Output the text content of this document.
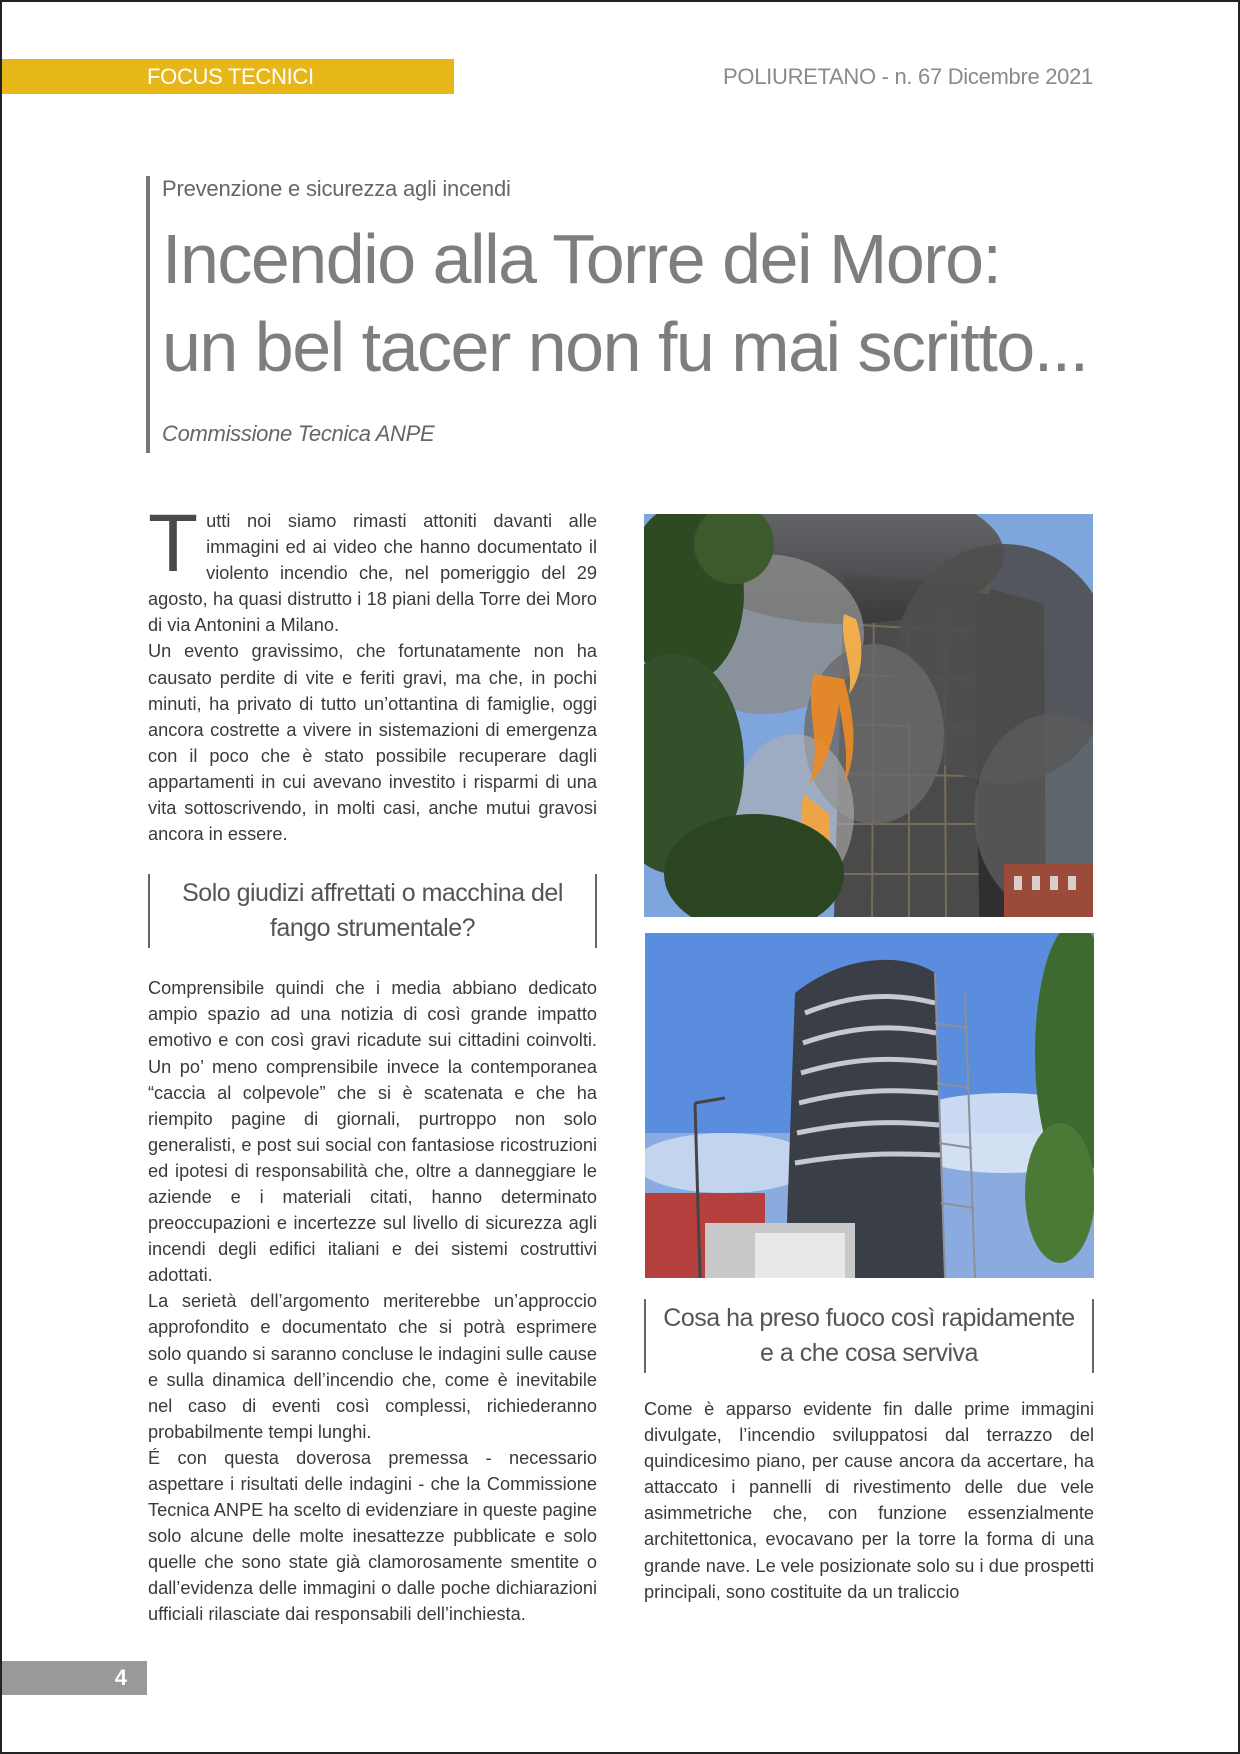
FOCUS TECNICI	POLIURETANO - n. 67 Dicembre 2021
Prevenzione e sicurezza agli incendi
Incendio alla Torre dei Moro:
un bel tacer non fu mai scritto...
Commissione Tecnica ANPE

Tutti noi siamo rimasti attoniti davanti alle immagini ed ai video che hanno documentato il violento incendio che, nel pomeriggio del 29 agosto, ha quasi distrutto i 18 piani della Torre dei Moro di via Antonini a Milano.

Un evento gravissimo, che fortunatamente non ha causato perdite di vite e feriti gravi, ma che, in pochi minuti, ha privato di tutto un’ottantina di famiglie, oggi ancora costrette a vivere in sistemazioni di emergenza con il poco che è stato possibile recuperare dagli appartamenti in cui avevano investito i risparmi di una vita sottoscrivendo, in molti casi, anche mutui gravosi ancora in essere.

Solo giudizi affrettati o macchina del fango strumentale?

Comprensibile quindi che i media abbiano dedicato ampio spazio ad una notizia di così grande impatto emotivo e con così gravi ricadute sui cittadini coinvolti. Un po’ meno comprensibile invece la contemporanea “caccia al colpevole” che si è scatenata e che ha riempito pagine di giornali, purtroppo non solo generalisti, e post sui social con fantasiose ricostruzioni ed ipotesi di responsabilità che, oltre a danneggiare le aziende e i materiali citati, hanno determinato preoccupazioni e incertezze sul livello di sicurezza agli incendi degli edifici italiani e dei sistemi costruttivi adottati.

La serietà dell’argomento meriterebbe un’approccio approfondito e documentato che si potrà esprimere solo quando si saranno concluse le indagini sulle cause e sulla dinamica dell’incendio che, come è inevitabile nel caso di eventi così complessi, richiederanno probabilmente tempi lunghi.

É con questa doverosa premessa - necessario aspettare i risultati delle indagini - che la Commissione Tecnica ANPE ha scelto di evidenziare in queste pagine solo alcune delle molte inesattezze pubblicate e solo quelle che sono state già clamorosamente smentite o dall’evidenza delle immagini o dalle poche dichiarazioni ufficiali rilasciate dai responsabili dell’inchiesta.

Cosa ha preso fuoco così rapidamente e a che cosa serviva

Come è apparso evidente fin dalle prime immagini divulgate, l’incendio sviluppatosi dal terrazzo del quindicesimo piano, per cause ancora da accertare, ha attaccato i pannelli di rivestimento delle due vele asimmetriche che, con funzione essenzialmente architettonica, evocavano per la torre la forma di una grande nave. Le vele posizionate solo su i due prospetti principali, sono costituite da un traliccio

4
